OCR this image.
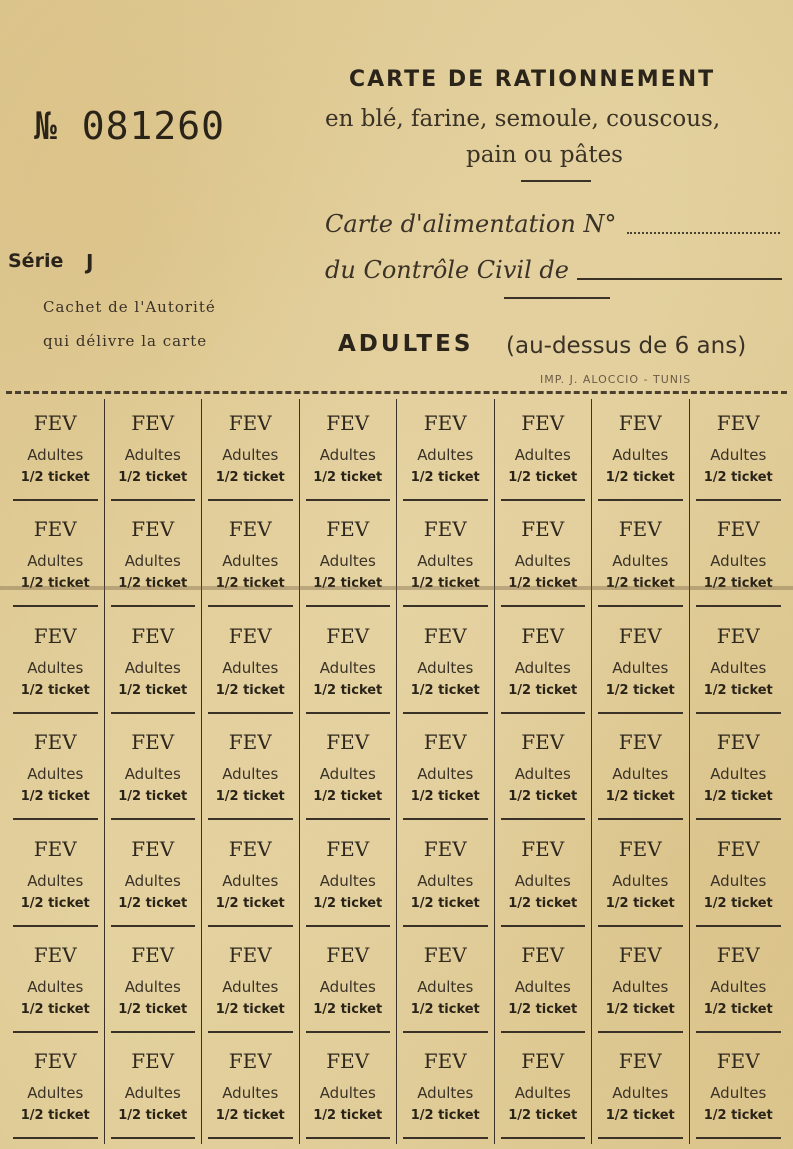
№ 081260
CARTE DE RATIONNEMENT
en blé, farine, semoule, couscous,
pain ou pâtes
Carte d'alimentation N°
du Contrôle Civil de
Série J
Cachet de l'Autorité
qui délivre la carte	ADULTES (au-dessus de 6 ans)
IMP. J. ALOCCIO - TUNIS
FEV
Adultes
1/2 ticket
FEV
Adultes
1/2 ticket
FEV
Adultes
1/2 ticket
FEV
Adultes
1/2 ticket
FEV
Adultes
1/2 ticket
FEV
Adultes
1/2 ticket
FEV
Adultes
1/2 ticket
FEV
Adultes
1/2 ticket
FEV
Adultes
1/2 ticket
FEV
Adultes
1/2 ticket
FEV
Adultes
1/2 ticket
FEV
Adultes
1/2 ticket
FEV
Adultes
1/2 ticket
FEV
Adultes
1/2 ticket
FEV
Adultes
1/2 ticket
FEV
Adultes
1/2 ticket
FEV
Adultes
1/2 ticket
FEV
Adultes
1/2 ticket
FEV
Adultes
1/2 ticket
FEV
Adultes
1/2 ticket
FEV
Adultes
1/2 ticket
FEV
Adultes
1/2 ticket
FEV
Adultes
1/2 ticket
FEV
Adultes
1/2 ticket
FEV
Adultes
1/2 ticket
FEV
Adultes
1/2 ticket
FEV
Adultes
1/2 ticket
FEV
Adultes
1/2 ticket
FEV
Adultes
1/2 ticket
FEV
Adultes
1/2 ticket
FEV
Adultes
1/2 ticket
FEV
Adultes
1/2 ticket
FEV
Adultes
1/2 ticket
FEV
Adultes
1/2 ticket
FEV
Adultes
1/2 ticket
FEV
Adultes
1/2 ticket
FEV
Adultes
1/2 ticket
FEV
Adultes
1/2 ticket
FEV
Adultes
1/2 ticket
FEV
Adultes
1/2 ticket
FEV
Adultes
1/2 ticket
FEV
Adultes
1/2 ticket
FEV
Adultes
1/2 ticket
FEV
Adultes
1/2 ticket
FEV
Adultes
1/2 ticket
FEV
Adultes
1/2 ticket
FEV
Adultes
1/2 ticket
FEV
Adultes
1/2 ticket
FEV
Adultes
1/2 ticket
FEV
Adultes
1/2 ticket
FEV
Adultes
1/2 ticket
FEV
Adultes
1/2 ticket
FEV
Adultes
1/2 ticket
FEV
Adultes
1/2 ticket
FEV
Adultes
1/2 ticket
FEV
Adultes
1/2 ticket
